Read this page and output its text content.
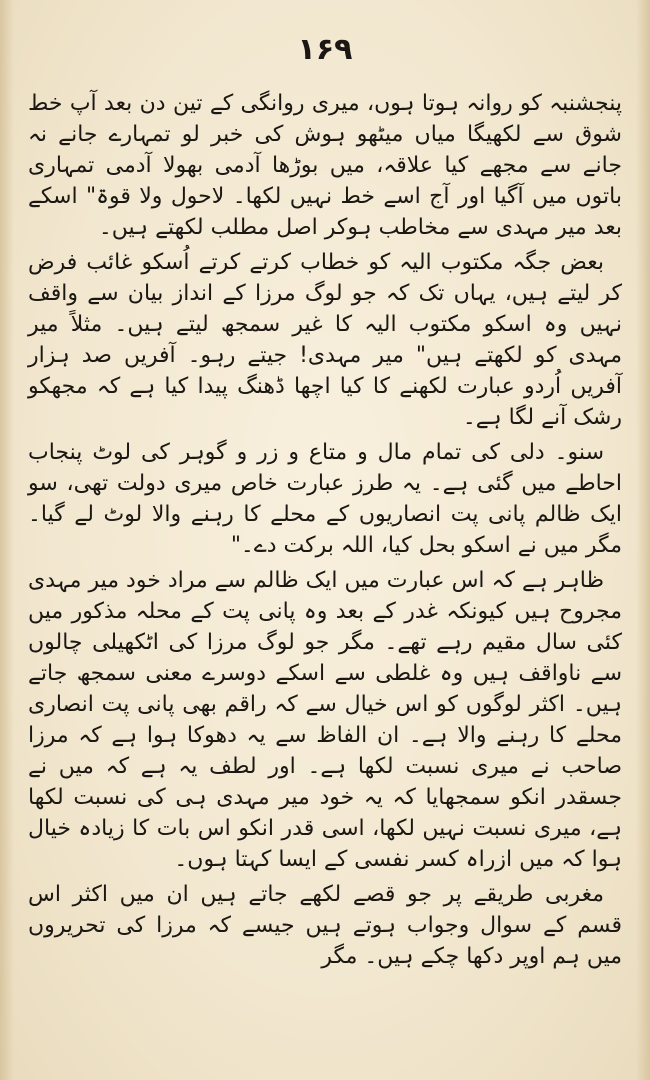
۱۶۹

پنجشنبہ کو روانہ ہوتا ہوں، میری روانگی کے تین دن بعد آپ خط شوق سے لکھیگا میاں میٹھو ہوش کی خبر لو تمہارے جانے نہ جانے سے مجھے کیا علاقہ، میں بوڑھا آدمی بھولا آدمی تمہاری باتوں میں آگیا اور آج اسے خط نہیں لکھا۔ لاحول ولا قوۃ" اسکے بعد میر مہدی سے مخاطب ہوکر اصل مطلب لکھتے ہیں۔

بعض جگہ مکتوب الیہ کو خطاب کرتے کرتے اُسکو غائب فرض کر لیتے ہیں، یہاں تک کہ جو لوگ مرزا کے انداز بیان سے واقف نہیں وہ اسکو مکتوب الیہ کا غیر سمجھ لیتے ہیں۔ مثلاً میر مہدی کو لکھتے ہیں" میر مہدی! جیتے رہو۔ آفریں صد ہزار آفریں اُردو عبارت لکھنے کا کیا اچھا ڈھنگ پیدا کیا ہے کہ مجھکو رشک آنے لگا ہے۔

سنو۔ دلی کی تمام مال و متاع و زر و گوہر کی لوٹ پنجاب احاطے میں گئی ہے۔ یہ طرز عبارت خاص میری دولت تھی، سو ایک ظالم پانی پت انصاریوں کے محلے کا رہنے والا لوٹ لے گیا۔ مگر میں نے اسکو بحل کیا، اللہ برکت دے۔"

ظاہر ہے کہ اس عبارت میں ایک ظالم سے مراد خود میر مہدی مجروح ہیں کیونکہ غدر کے بعد وہ پانی پت کے محلہ مذکور میں کئی سال مقیم رہے تھے۔ مگر جو لوگ مرزا کی اٹکھیلی چالوں سے ناواقف ہیں وہ غلطی سے اسکے دوسرے معنی سمجھ جاتے ہیں۔ اکثر لوگوں کو اس خیال سے کہ راقم بھی پانی پت انصاری محلے کا رہنے والا ہے۔ ان الفاظ سے یہ دھوکا ہوا ہے کہ مرزا صاحب نے میری نسبت لکھا ہے۔ اور لطف یہ ہے کہ میں نے جسقدر انکو سمجھایا کہ یہ خود میر مہدی ہی کی نسبت لکھا ہے، میری نسبت نہیں لکھا، اسی قدر انکو اس بات کا زیادہ خیال ہوا کہ میں ازراہ کسر نفسی کے ایسا کہتا ہوں۔

مغربی طریقے پر جو قصے لکھے جاتے ہیں ان میں اکثر اس قسم کے سوال وجواب ہوتے ہیں جیسے کہ مرزا کی تحریروں میں ہم اوپر دکھا چکے ہیں۔ مگر
